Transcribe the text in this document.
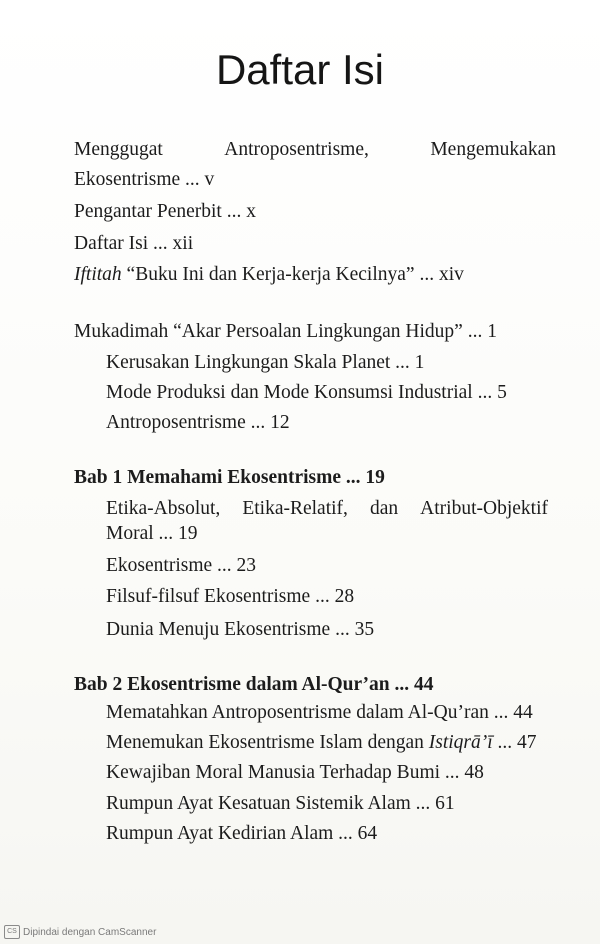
Daftar Isi
Menggugat	Antroposentrisme,	Mengemukakan
Ekosentrisme ... v
Pengantar Penerbit ... x
Daftar Isi ... xii
Iftitah “Buku Ini dan Kerja-kerja Kecilnya” ... xiv
Mukadimah “Akar Persoalan Lingkungan Hidup” ... 1
Kerusakan Lingkungan Skala Planet ... 1
Mode Produksi dan Mode Konsumsi Industrial ... 5
Antroposentrisme ... 12
Bab 1 Memahami Ekosentrisme ... 19
Etika-Absolut, Etika-Relatif, dan Atribut-Objektif
Moral ... 19
Ekosentrisme ... 23
Filsuf-filsuf Ekosentrisme ... 28
Dunia Menuju Ekosentrisme ... 35
Bab 2 Ekosentrisme dalam Al-Qur’an ... 44
Mematahkan Antroposentrisme dalam Al-Qu’ran ... 44
Menemukan Ekosentrisme Islam dengan Istiqrā’ī ... 47
Kewajiban Moral Manusia Terhadap Bumi ... 48
Rumpun Ayat Kesatuan Sistemik Alam ... 61
Rumpun Ayat Kedirian Alam ... 64
CS Dipindai dengan CamScanner
